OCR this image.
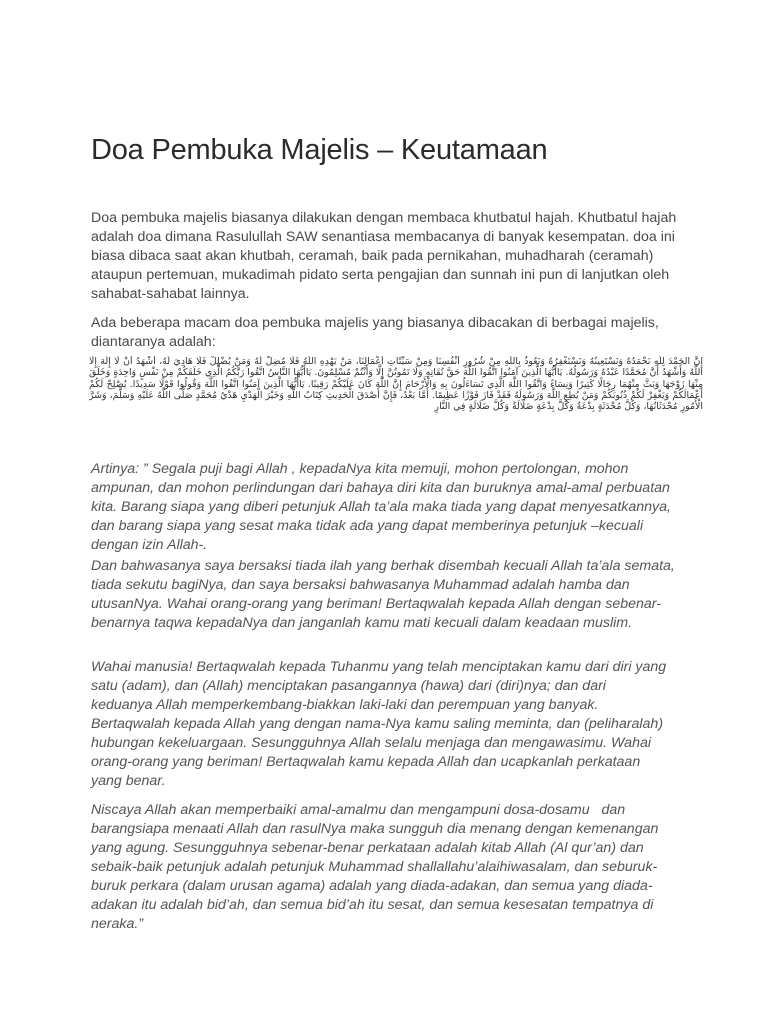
Doa Pembuka Majelis – Keutamaan

Doa pembuka majelis biasanya dilakukan dengan membaca khutbatul hajah. Khutbatul hajah adalah doa dimana Rasulullah SAW senantiasa membacanya di banyak kesempatan. doa ini biasa dibaca saat akan khutbah, ceramah, baik pada pernikahan, muhadharah (ceramah) ataupun pertemuan, mukadimah pidato serta pengajian dan sunnah ini pun di lanjutkan oleh sahabat-sahabat lainnya.

Ada beberapa macam doa pembuka majelis yang biasanya dibacakan di berbagai majelis, diantaranya adalah:

إِنَّ الْحَمْدَ لِلَّهِ نَحْمَدُهُ وَنَسْتَعِينُهُ وَنَسْتَغْفِرُهُ وَنَعُوذُ بِاللَّهِ مِنْ شُرُورِ أَنْفُسِنَا وَمِنْ سَيِّئَاتِ أَعْمَالِنَا، مَنْ يَهْدِهِ اللَّهُ فَلَا مُضِلَّ لَهُ وَمَنْ يُضْلِلْ فَلَا هَادِيَ لَهُ، أَشْهَدُ أَنْ لَا إِلَهَ إِلَّا اللَّهُ وَأَشْهَدُ أَنَّ مُحَمَّدًا عَبْدُهُ وَرَسُولُهُ. يَاأَيُّهَا الَّذِينَ آمَنُوا اتَّقُوا اللَّهَ حَقَّ تُقَاتِهِ وَلَا تَمُوتُنَّ إِلَّا وَأَنْتُمْ مُسْلِمُونَ. يَاأَيُّهَا النَّاسُ اتَّقُوا رَبَّكُمُ الَّذِي خَلَقَكُمْ مِنْ نَفْسٍ وَاحِدَةٍ وَخَلَقَ مِنْهَا زَوْجَهَا وَبَثَّ مِنْهُمَا رِجَالًا كَثِيرًا وَنِسَاءً وَاتَّقُوا اللَّهَ الَّذِي تَسَاءَلُونَ بِهِ وَالْأَرْحَامَ إِنَّ اللَّهَ كَانَ عَلَيْكُمْ رَقِيبًا. يَاأَيُّهَا الَّذِينَ آمَنُوا اتَّقُوا اللَّهَ وَقُولُوا قَوْلًا سَدِيدًا. يُصْلِحْ لَكُمْ أَعْمَالَكُمْ وَيَغْفِرْ لَكُمْ ذُنُوبَكُمْ وَمَنْ يُطِعِ اللَّهَ وَرَسُولَهُ فَقَدْ فَازَ فَوْزًا عَظِيمًا. أَمَّا بَعْدُ، فَإِنَّ أَصْدَقَ الْحَدِيثِ كِتَابُ اللَّهِ وَخَيْرَ الْهَدْيِ هَدْيُ مُحَمَّدٍ صَلَّى اللَّهُ عَلَيْهِ وَسَلَّمَ، وَشَرَّ الْأُمُورِ مُحْدَثَاتُهَا، وَكُلَّ مُحْدَثَةٍ بِدْعَةٌ وَكُلَّ بِدْعَةٍ ضَلَالَةٌ وَكُلَّ ضَلَالَةٍ فِي النَّارِ

Artinya: ” Segala puji bagi Allah , kepadaNya kita memuji, mohon pertolongan, mohon ampunan, dan mohon perlindungan dari bahaya diri kita dan buruknya amal-amal perbuatan kita. Barang siapa yang diberi petunjuk Allah ta’ala maka tiada yang dapat menyesatkannya, dan barang siapa yang sesat maka tidak ada yang dapat memberinya petunjuk –kecuali dengan izin Allah-.

Dan bahwasanya saya bersaksi tiada ilah yang berhak disembah kecuali Allah ta’ala semata, tiada sekutu bagiNya, dan saya bersaksi bahwasanya Muhammad adalah hamba dan utusanNya. Wahai orang-orang yang beriman! Bertaqwalah kepada Allah dengan sebenar-benarnya taqwa kepadaNya dan janganlah kamu mati kecuali dalam keadaan muslim.

Wahai manusia! Bertaqwalah kepada Tuhanmu yang telah menciptakan kamu dari diri yang satu (adam), dan (Allah) menciptakan pasangannya (hawa) dari (diri)nya; dan dari keduanya Allah memperkembang-biakkan laki-laki dan perempuan yang banyak. Bertaqwalah kepada Allah yang dengan nama-Nya kamu saling meminta, dan (peliharalah) hubungan kekeluargaan. Sesungguhnya Allah selalu menjaga dan mengawasimu. Wahai orang-orang yang beriman! Bertaqwalah kamu kepada Allah dan ucapkanlah perkataan yang benar.

Niscaya Allah akan memperbaiki amal-amalmu dan mengampuni dosa-dosamu   dan barangsiapa menaati Allah dan rasulNya maka sungguh dia menang dengan kemenangan yang agung. Sesungguhnya sebenar-benar perkataan adalah kitab Allah (Al qur’an) dan sebaik-baik petunjuk adalah petunjuk Muhammad shallallahu’alaihiwasalam, dan seburuk-buruk perkara (dalam urusan agama) adalah yang diada-adakan, dan semua yang diada-adakan itu adalah bid’ah, dan semua bid’ah itu sesat, dan semua kesesatan tempatnya di neraka.”
